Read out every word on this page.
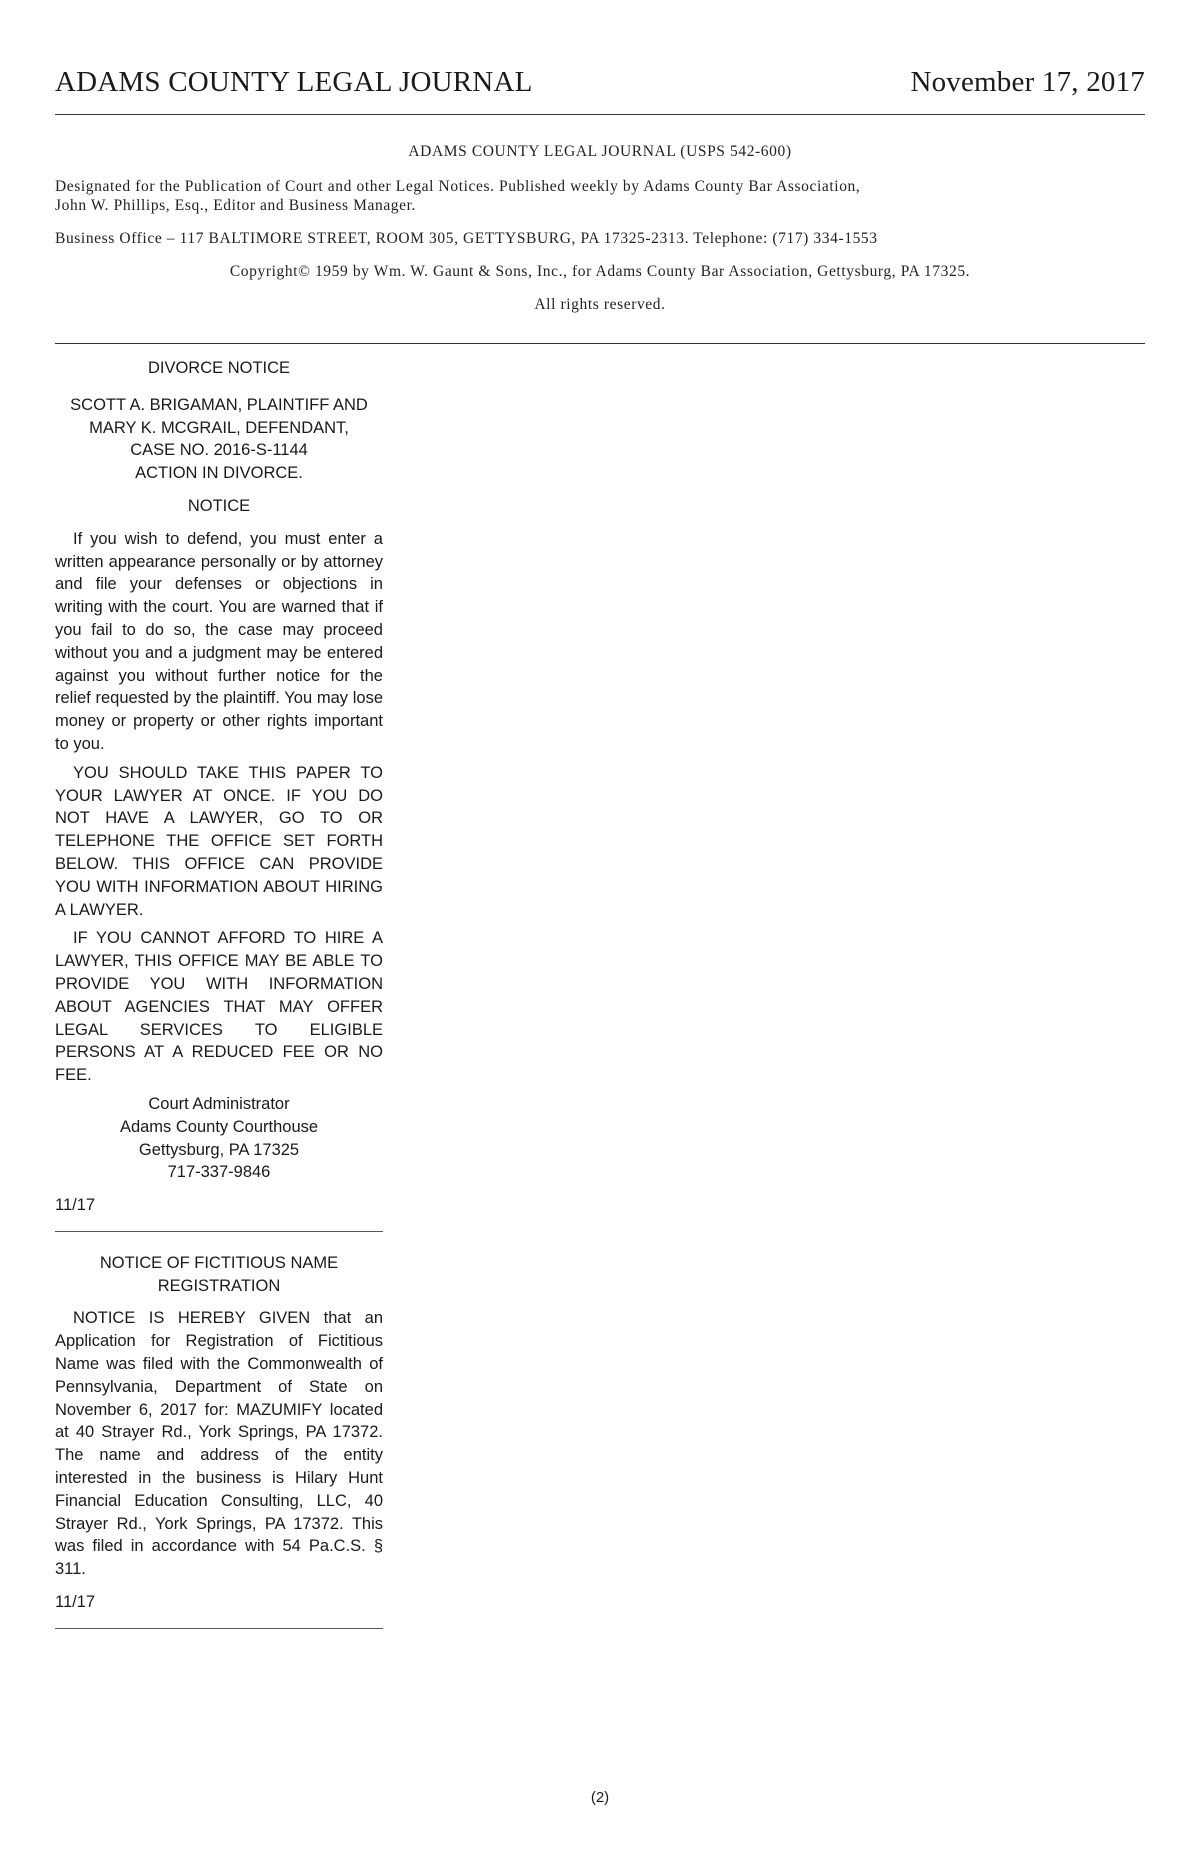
ADAMS COUNTY LEGAL JOURNAL	November 17, 2017
ADAMS COUNTY LEGAL JOURNAL (USPS 542-600)
Designated for the Publication of Court and other Legal Notices. Published weekly by Adams County Bar Association,
John W. Phillips, Esq., Editor and Business Manager.
Business Office – 117 BALTIMORE STREET, ROOM 305, GETTYSBURG, PA 17325-2313. Telephone: (717) 334-1553
Copyright© 1959 by Wm. W. Gaunt & Sons, Inc., for Adams County Bar Association, Gettysburg, PA 17325.
All rights reserved.
DIVORCE NOTICE
SCOTT A. BRIGAMAN, PLAINTIFF AND
MARY K. MCGRAIL, DEFENDANT,
CASE NO. 2016-S-1144
ACTION IN DIVORCE.
NOTICE

If you wish to defend, you must enter a written appearance personally or by attorney and file your defenses or objections in writing with the court. You are warned that if you fail to do so, the case may proceed without you and a judgment may be entered against you without further notice for the relief requested by the plaintiff. You may lose money or property or other rights important to you.

YOU SHOULD TAKE THIS PAPER TO YOUR LAWYER AT ONCE. IF YOU DO NOT HAVE A LAWYER, GO TO OR TELEPHONE THE OFFICE SET FORTH BELOW. THIS OFFICE CAN PROVIDE YOU WITH INFORMATION ABOUT HIRING A LAWYER.

IF YOU CANNOT AFFORD TO HIRE A LAWYER, THIS OFFICE MAY BE ABLE TO PROVIDE YOU WITH INFORMATION ABOUT AGENCIES THAT MAY OFFER LEGAL SERVICES TO ELIGIBLE PERSONS AT A REDUCED FEE OR NO FEE.

Court Administrator
Adams County Courthouse
Gettysburg, PA 17325
717-337-9846
11/17
NOTICE OF FICTITIOUS NAME
REGISTRATION

NOTICE IS HEREBY GIVEN that an Application for Registration of Fictitious Name was filed with the Commonwealth of Pennsylvania, Department of State on November 6, 2017 for: MAZUMIFY located at 40 Strayer Rd., York Springs, PA 17372. The name and address of the entity interested in the business is Hilary Hunt Financial Education Consulting, LLC, 40 Strayer Rd., York Springs, PA 17372. This was filed in accordance with 54 Pa.C.S. § 311.

11/17
(2)
